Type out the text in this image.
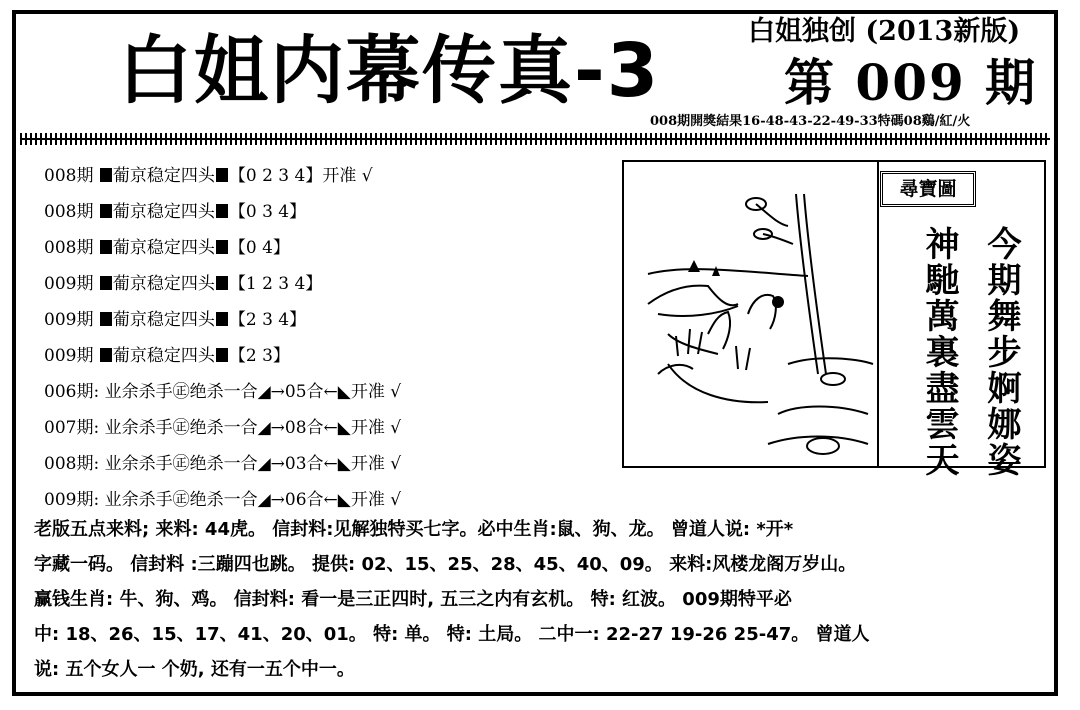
白姐内幕传真-3	白姐独创 (2013新版)
第 009 期
008期開獎結果16-48-43-22-49-33特碼08鷄/紅/火
008期 葡京稳定四头 【0 2 3 4】开准 √
008期 葡京稳定四头 【0 3 4】
008期 葡京稳定四头 【0 4】
009期 葡京稳定四头 【1 2 3 4】
009期 葡京稳定四头 【2 3 4】
009期 葡京稳定四头 【2 3】
006期: 业余杀手㊣绝杀一合◢→05合←◣开准 √
007期: 业余杀手㊣绝杀一合◢→08合←◣开准 √
008期: 业余杀手㊣绝杀一合◢→03合←◣开准 √
009期: 业余杀手㊣绝杀一合◢→06合←◣开准 √
尋寶圖
今期舞步婀娜姿
神馳萬裏盡雲天
老版五点来料; 来料: 44虎。 信封料:见解独特买七字。必中生肖:鼠、狗、龙。 曾道人说: *开*
字藏一码。 信封料 :三蹦四也跳。 提供: 02、15、25、28、45、40、09。 来料:风楼龙阁万岁山。
赢钱生肖: 牛、狗、鸡。 信封料: 看一是三正四时, 五三之内有玄机。 特: 红波。 009期特平必
中: 18、26、15、17、41、20、01。 特: 单。 特: 土局。 二中一: 22-27 19-26 25-47。 曾道人
说: 五个女人一 个奶, 还有一五个中一。
